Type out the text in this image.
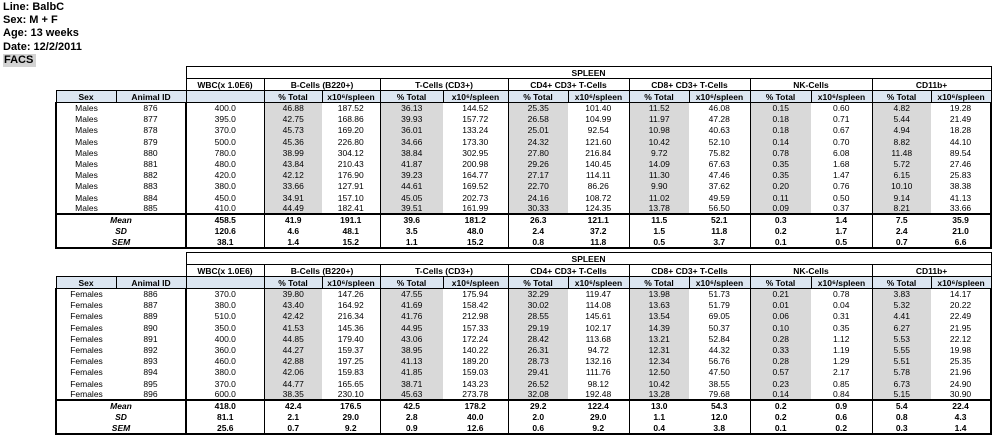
Line: BalbC
Sex: M + F
Age: 13 weeks
Date: 12/2/2011
FACS
		SPLEEN												
		WBC(x 1.0E6)	B-Cells (B220+)		T-Cells (CD3+)		CD4+ CD3+ T-Cells		CD8+ CD3+ T-Cells		NK-Cells		CD11b+	
Sex	Animal ID		% Total	x10⁶/spleen	% Total	x10⁶/spleen	% Total	x10⁶/spleen	% Total	x10⁶/spleen	% Total	x10⁶/spleen	% Total	x10⁶/spleen
Males	876	400.0	46.88	187.52	36.13	144.52	25.35	101.40	11.52	46.08	0.15	0.60	4.82	19.28
Males	877	395.0	42.75	168.86	39.93	157.72	26.58	104.99	11.97	47.28	0.18	0.71	5.44	21.49
Males	878	370.0	45.73	169.20	36.01	133.24	25.01	92.54	10.98	40.63	0.18	0.67	4.94	18.28
Males	879	500.0	45.36	226.80	34.66	173.30	24.32	121.60	10.42	52.10	0.14	0.70	8.82	44.10
Males	880	780.0	38.99	304.12	38.84	302.95	27.80	216.84	9.72	75.82	0.78	6.08	11.48	89.54
Males	881	480.0	43.84	210.43	41.87	200.98	29.26	140.45	14.09	67.63	0.35	1.68	5.72	27.46
Males	882	420.0	42.12	176.90	39.23	164.77	27.17	114.11	11.30	47.46	0.35	1.47	6.15	25.83
Males	883	380.0	33.66	127.91	44.61	169.52	22.70	86.26	9.90	37.62	0.20	0.76	10.10	38.38
Males	884	450.0	34.91	157.10	45.05	202.73	24.16	108.72	11.02	49.59	0.11	0.50	9.14	41.13
Males	885	410.0	44.49	182.41	39.51	161.99	30.33	124.35	13.78	56.50	0.09	0.37	8.21	33.66
Mean		458.5	41.9	191.1	39.6	181.2	26.3	121.1	11.5	52.1	0.3	1.4	7.5	35.9
SD		120.6	4.6	48.1	3.5	48.0	2.4	37.2	1.5	11.8	0.2	1.7	2.4	21.0
SEM		38.1	1.4	15.2	1.1	15.2	0.8	11.8	0.5	3.7	0.1	0.5	0.7	6.6
		SPLEEN												
		WBC(x 1.0E6)	B-Cells (B220+)		T-Cells (CD3+)		CD4+ CD3+ T-Cells		CD8+ CD3+ T-Cells		NK-Cells		CD11b+	
Sex	Animal ID		% Total	x10⁶/spleen	% Total	x10⁶/spleen	% Total	x10⁶/spleen	% Total	x10⁶/spleen	% Total	x10⁶/spleen	% Total	x10⁶/spleen
Females	886	370.0	39.80	147.26	47.55	175.94	32.29	119.47	13.98	51.73	0.21	0.78	3.83	14.17
Females	887	380.0	43.40	164.92	41.69	158.42	30.02	114.08	13.63	51.79	0.01	0.04	5.32	20.22
Females	889	510.0	42.42	216.34	41.76	212.98	28.55	145.61	13.54	69.05	0.06	0.31	4.41	22.49
Females	890	350.0	41.53	145.36	44.95	157.33	29.19	102.17	14.39	50.37	0.10	0.35	6.27	21.95
Females	891	400.0	44.85	179.40	43.06	172.24	28.42	113.68	13.21	52.84	0.28	1.12	5.53	22.12
Females	892	360.0	44.27	159.37	38.95	140.22	26.31	94.72	12.31	44.32	0.33	1.19	5.55	19.98
Females	893	460.0	42.88	197.25	41.13	189.20	28.73	132.16	12.34	56.76	0.28	1.29	5.51	25.35
Females	894	380.0	42.06	159.83	41.85	159.03	29.41	111.76	12.50	47.50	0.57	2.17	5.78	21.96
Females	895	370.0	44.77	165.65	38.71	143.23	26.52	98.12	10.42	38.55	0.23	0.85	6.73	24.90
Females	896	600.0	38.35	230.10	45.63	273.78	32.08	192.48	13.28	79.68	0.14	0.84	5.15	30.90
Mean		418.0	42.4	176.5	42.5	178.2	29.2	122.4	13.0	54.3	0.2	0.9	5.4	22.4
SD		81.1	2.1	29.0	2.8	40.0	2.0	29.0	1.1	12.0	0.2	0.6	0.8	4.3
SEM		25.6	0.7	9.2	0.9	12.6	0.6	9.2	0.4	3.8	0.1	0.2	0.3	1.4
